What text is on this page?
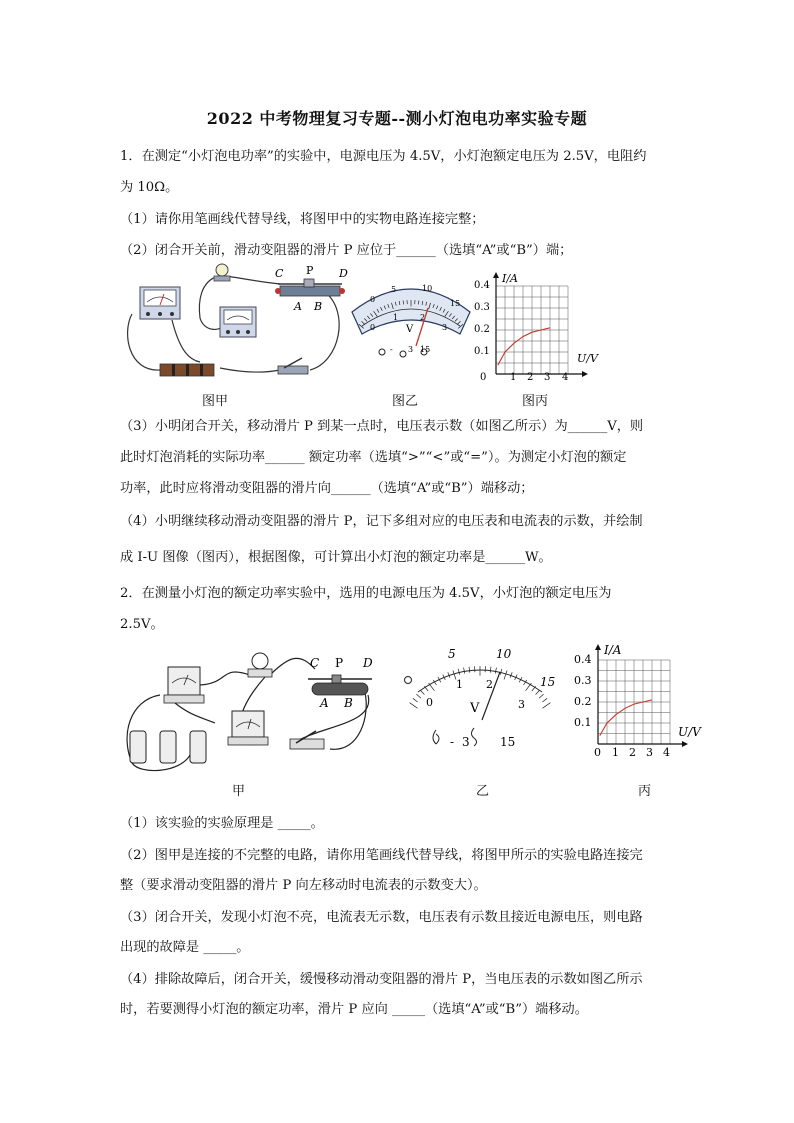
2022 中考物理复习专题--测小灯泡电功率实验专题
1．在测定“小灯泡电功率”的实验中，电源电压为 4.5V，小灯泡额定电压为 2.5V，电阻约
为 10Ω。
（1）请你用笔画线代替导线，将图甲中的实物电路连接完整；
（2）闭合开关前，滑动变阻器的滑片 P 应位于______（选填“A”或“B”）端；
C P D
A B
图甲
0
5	10
15
0
1	2
3
V
- 3 15
图乙
I/A
U/V
0 1 2 3 4
0.1
0.2
0.3
0.4
图丙
（3）小明闭合开关，移动滑片 P 到某一点时，电压表示数（如图乙所示）为______V，则
此时灯泡消耗的实际功率______ 额定功率（选填“>”“<”或“=”）。为测定小灯泡的额定
功率，此时应将滑动变阻器的滑片向______（选填“A”或“B”）端移动；
（4）小明继续移动滑动变阻器的滑片 P，记下多组对应的电压表和电流表的示数，并绘制
成 I-U 图像（图丙），根据图像，可计算出小灯泡的额定功率是______W。
2．在测量小灯泡的额定功率实验中，选用的电源电压为 4.5V，小灯泡的额定电压为
2.5V。
C P D
A B
甲
5	10
15
0
1 2
3
V
- 3	15
乙
I/A
U/V
0 1 2 3 4
0.1
0.2
0.3
0.4
丙
（1）该实验的实验原理是 _____。
（2）图甲是连接的不完整的电路，请你用笔画线代替导线，将图甲所示的实验电路连接完
整（要求滑动变阻器的滑片 P 向左移动时电流表的示数变大）。
（3）闭合开关，发现小灯泡不亮，电流表无示数，电压表有示数且接近电源电压，则电路
出现的故障是 _____。
（4）排除故障后，闭合开关，缓慢移动滑动变阻器的滑片 P，当电压表的示数如图乙所示
时，若要测得小灯泡的额定功率，滑片 P 应向 _____（选填“A”或“B”）端移动。
